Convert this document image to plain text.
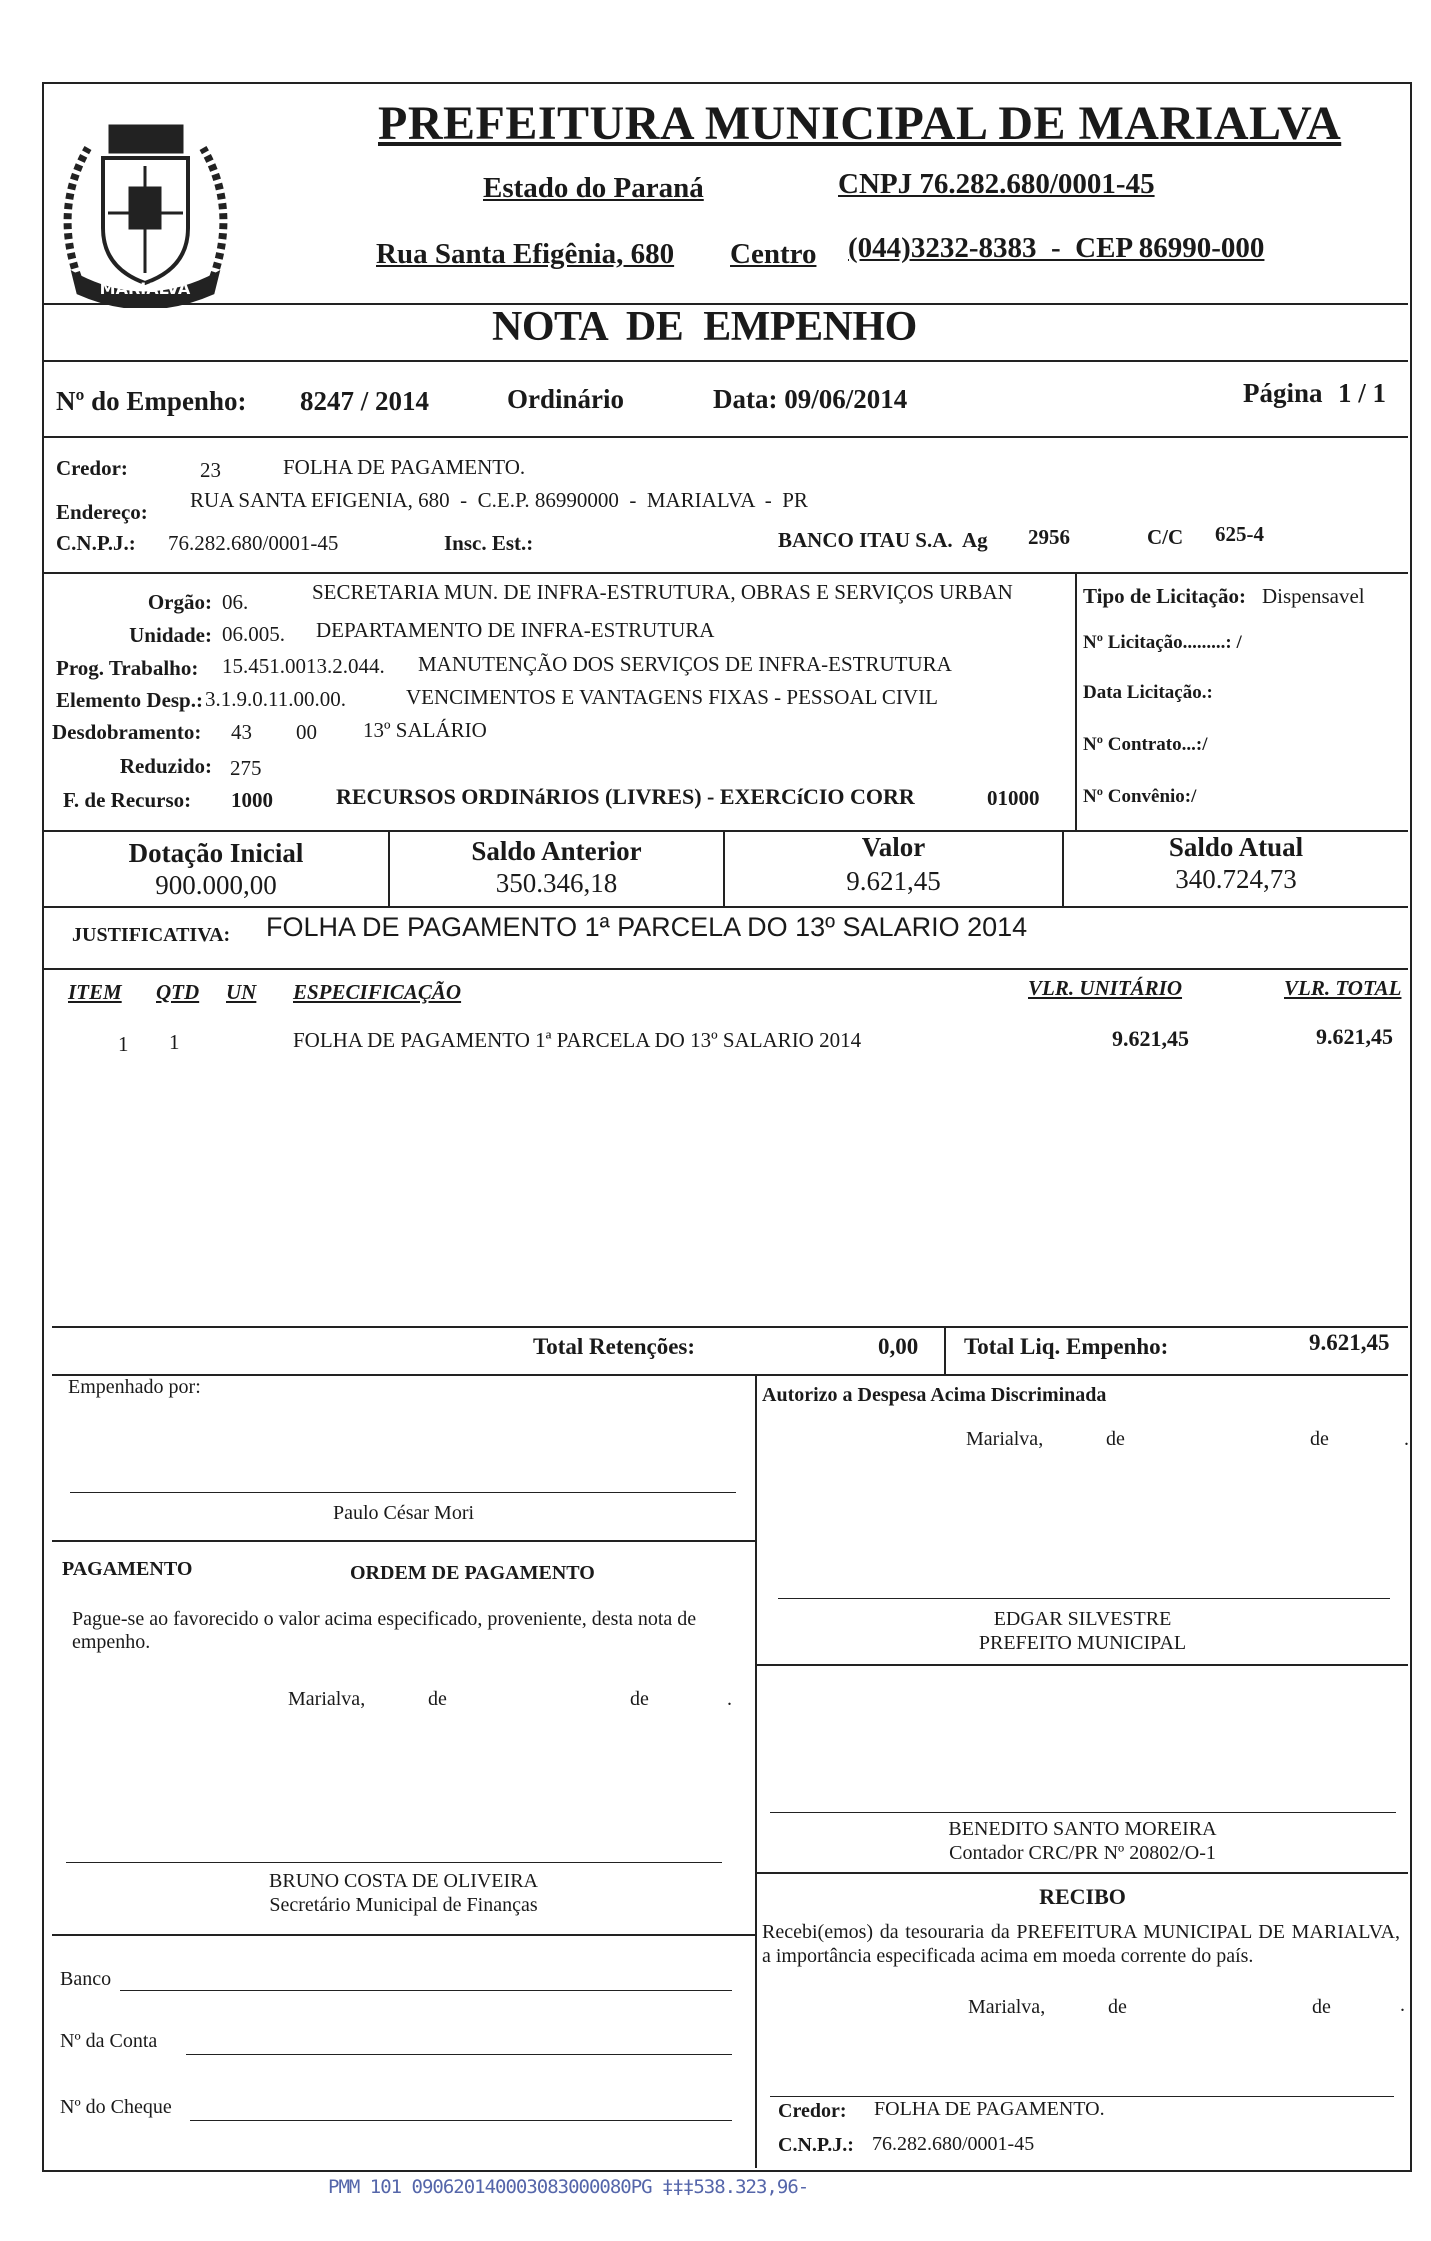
MARIALVA
PREFEITURA MUNICIPAL DE MARIALVA
Estado do Paraná	CNPJ 76.282.680/0001-45
Rua Santa Efigênia, 680 Centro (044)3232-8383  -  CEP 86990-000
NOTA  DE  EMPENHO
Nº do Empenho: 8247 / 2014	Ordinário	Data: 09/06/2014	Página 1 / 1
Credor:	23	FOLHA DE PAGAMENTO.
Endereço: RUA SANTA EFIGENIA, 680  -  C.E.P. 86990000  -  MARIALVA  -  PR
C.N.P.J.: 76.282.680/0001-45	Insc. Est.:	BANCO ITAU S.A.  Ag 2956	C/C 625-4
Orgão: 06.	SECRETARIA MUN. DE INFRA-ESTRUTURA, OBRAS E SERVIÇOS URBAN
Unidade: 06.005. DEPARTAMENTO DE INFRA-ESTRUTURA
Prog. Trabalho: 15.451.0013.2.044. MANUTENÇÃO DOS SERVIÇOS DE INFRA-ESTRUTURA
Elemento Desp.: 3.1.9.0.11.00.00.	VENCIMENTOS E VANTAGENS FIXAS - PESSOAL CIVIL
Desdobramento: 43 00 13º SALÁRIO
Reduzido: 275
F. de Recurso: 1000	RECURSOS ORDINáRIOS (LIVRES) - EXERCíCIO CORR	01000
Tipo de Licitação: Dispensavel
Nº Licitação.........: /
Data Licitação.:
Nº Contrato...:/
Nº Convênio:/
Dotação Inicial
900.000,00
Saldo Anterior
350.346,18
Valor
9.621,45
Saldo Atual
340.724,73
JUSTIFICATIVA: FOLHA DE PAGAMENTO 1ª PARCELA DO 13º SALARIO 2014
ITEM QTD UN ESPECIFICAÇÃO	VLR. UNITÁRIO	VLR. TOTAL
1 1	FOLHA DE PAGAMENTO 1ª PARCELA DO 13º SALARIO 2014	9.621,45	9.621,45
Total Retenções:	0,00 Total Liq. Empenho:	9.621,45
Empenhado por:
Paulo César Mori
PAGAMENTO	ORDEM DE PAGAMENTO
Pague-se ao favorecido o valor acima especificado, proveniente, desta nota de empenho.
Marialva,	de	de	.
BRUNO COSTA DE OLIVEIRA
Secretário Municipal de Finanças
Banco
Nº da Conta
Nº do Cheque
Autorizo a Despesa Acima Discriminada
Marialva,	de	de	.
EDGAR SILVESTRE
PREFEITO MUNICIPAL
BENEDITO SANTO MOREIRA
Contador CRC/PR Nº 20802/O-1
RECIBO
Recebi(emos) da tesouraria da PREFEITURA MUNICIPAL DE MARIALVA, a importância especificada acima em moeda corrente do país.
Marialva,	de	de	.
Credor: FOLHA DE PAGAMENTO.
C.N.P.J.: 76.282.680/0001-45
PMM 101 090620140003083000080PG ‡‡‡538.323,96-
